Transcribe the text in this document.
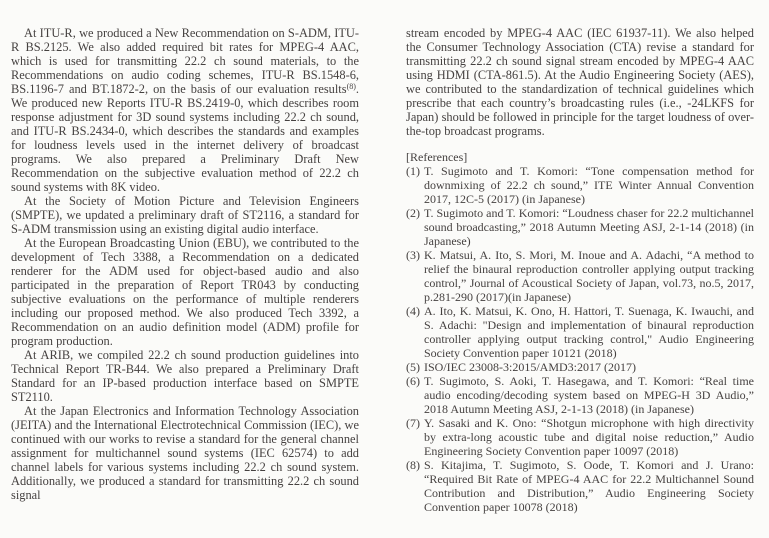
At ITU-R, we produced a New Recommendation on S-ADM, ITU-R BS.2125. We also added required bit rates for MPEG-4 AAC, which is used for transmitting 22.2 ch sound materials, to the Recommendations on audio coding schemes, ITU-R BS.1548-6, BS.1196-7 and BT.1872-2, on the basis of our evaluation results$^{(8)}$. We produced new Reports ITU-R BS.2419-0, which describes room response adjustment for 3D sound systems including 22.2 ch sound, and ITU-R BS.2434-0, which describes the standards and examples for loudness levels used in the internet delivery of broadcast programs. We also prepared a Preliminary Draft New Recommendation on the subjective evaluation method of 22.2 ch sound systems with 8K video.

At the Society of Motion Picture and Television Engineers (SMPTE), we updated a preliminary draft of ST2116, a standard for S-ADM transmission using an existing digital audio interface.

At the European Broadcasting Union (EBU), we contributed to the development of Tech 3388, a Recommendation on a dedicated renderer for the ADM used for object-based audio and also participated in the preparation of Report TR043 by conducting subjective evaluations on the performance of multiple renderers including our proposed method. We also produced Tech 3392, a Recommendation on an audio definition model (ADM) profile for program production.

At ARIB, we compiled 22.2 ch sound production guidelines into Technical Report TR-B44. We also prepared a Preliminary Draft Standard for an IP-based production interface based on SMPTE ST2110.

At the Japan Electronics and Information Technology Association (JEITA) and the International Electrotechnical Commission (IEC), we continued with our works to revise a standard for the general channel assignment for multichannel sound systems (IEC 62574) to add channel labels for various systems including 22.2 ch sound system. Additionally, we produced a standard for transmitting 22.2 ch sound signal

stream encoded by MPEG-4 AAC (IEC 61937-11). We also helped the Consumer Technology Association (CTA) revise a standard for transmitting 22.2 ch sound signal stream encoded by MPEG-4 AAC using HDMI (CTA-861.5). At the Audio Engineering Society (AES), we contributed to the standardization of technical guidelines which prescribe that each country’s broadcasting rules (i.e., -24LKFS for Japan) should be followed in principle for the target loudness of over-the-top broadcast programs.

[References]

(1) T. Sugimoto and T. Komori: “Tone compensation method for downmixing of 22.2 ch sound,” ITE Winter Annual Convention 2017, 12C-5 (2017) (in Japanese)
(2) T. Sugimoto and T. Komori: “Loudness chaser for 22.2 multichannel sound broadcasting,” 2018 Autumn Meeting ASJ, 2-1-14 (2018) (in Japanese)
(3) K. Matsui, A. Ito, S. Mori, M. Inoue and A. Adachi, “A method to relief the binaural reproduction controller applying output tracking control,” Journal of Acoustical Society of Japan, vol.73, no.5, 2017, p.281-290 (2017)(in Japanese)
(4) A. Ito, K. Matsui, K. Ono, H. Hattori, T. Suenaga, K. Iwauchi, and S. Adachi: "Design and implementation of binaural reproduction controller applying output tracking control," Audio Engineering Society Convention paper 10121 (2018)
(5) ISO/IEC 23008-3:2015/AMD3:2017 (2017)
(6) T. Sugimoto, S. Aoki, T. Hasegawa, and T. Komori: “Real time audio encoding/decoding system based on MPEG-H 3D Audio,” 2018 Autumn Meeting ASJ, 2-1-13 (2018) (in Japanese)
(7) Y. Sasaki and K. Ono: “Shotgun microphone with high directivity by extra-long acoustic tube and digital noise reduction,” Audio Engineering Society Convention paper 10097 (2018)
(8) S. Kitajima, T. Sugimoto, S. Oode, T. Komori and J. Urano: “Required Bit Rate of MPEG-4 AAC for 22.2 Multichannel Sound Contribution and Distribution,” Audio Engineering Society Convention paper 10078 (2018)
